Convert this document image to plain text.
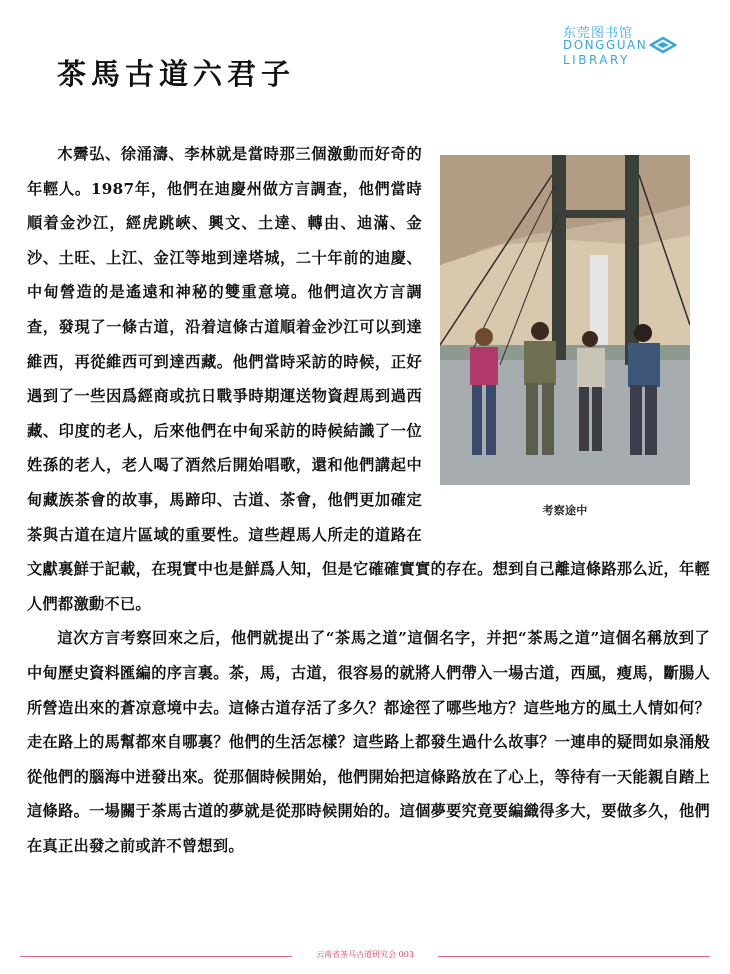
东莞图书馆
DONGGUAN
LIBRARY
茶馬古道六君子
考察途中

木霽弘、徐涌濤、李林就是當時那三個激動而好奇的年輕人。1987年，他們在迪慶州做方言調查，他們當時順着金沙江，經虎跳峽、興文、土達、轉由、迪滿、金沙、土旺、上江、金江等地到達塔城，二十年前的迪慶、中甸營造的是遙遠和神秘的雙重意境。他們這次方言調查，發現了一條古道，沿着這條古道順着金沙江可以到達維西，再從維西可到達西藏。他們當時采訪的時候，正好遇到了一些因爲經商或抗日戰爭時期運送物資趕馬到過西藏、印度的老人，后來他們在中甸采訪的時候結識了一位姓孫的老人，老人喝了酒然后開始唱歌，還和他們講起中甸藏族茶會的故事，馬蹄印、古道、茶會，他們更加確定茶與古道在這片區域的重要性。這些趕馬人所走的道路在文獻裏鮮于記載，在現實中也是鮮爲人知，但是它確確實實的存在。想到自己離這條路那么近，年輕人們都激動不已。

這次方言考察回來之后，他們就提出了“茶馬之道”這個名字，并把“茶馬之道”這個名稱放到了中甸歷史資料匯編的序言裏。茶，馬，古道，很容易的就將人們帶入一場古道，西風，瘦馬，斷腸人所營造出來的蒼凉意境中去。這條古道存活了多久？都途徑了哪些地方？這些地方的風土人情如何？走在路上的馬幫都來自哪裏？他們的生活怎樣？這些路上都發生過什么故事？一連串的疑問如泉涌般從他們的腦海中迸發出來。從那個時候開始，他們開始把這條路放在了心上，等待有一天能親自踏上這條路。一場關于茶馬古道的夢就是從那時候開始的。這個夢要究竟要編織得多大，要做多久，他們在真正出發之前或許不曾想到。

云南省茶马古道研究会 003
